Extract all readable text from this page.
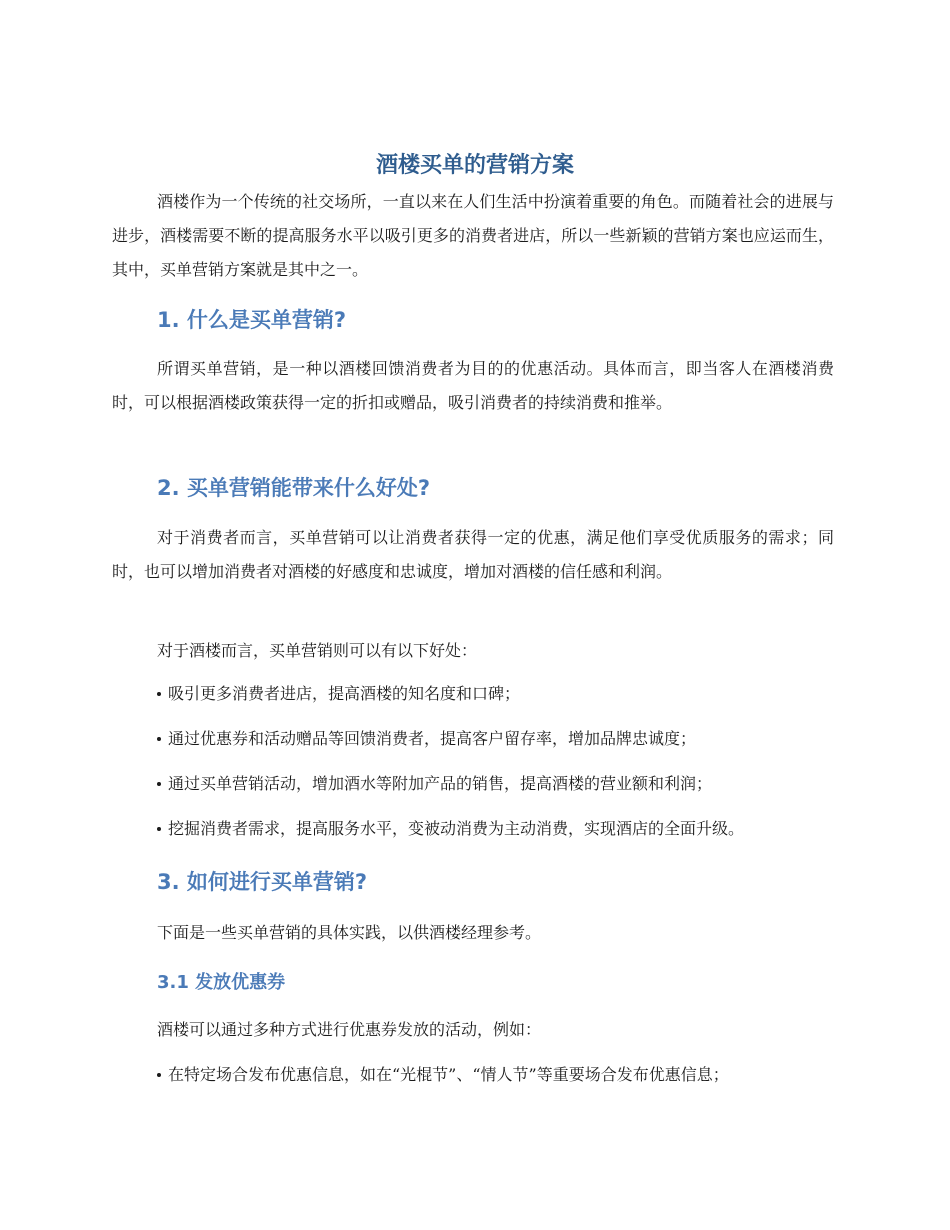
酒楼买单的营销方案

酒楼作为一个传统的社交场所，一直以来在人们生活中扮演着重要的角色。而随着社会的进展与进步，酒楼需要不断的提高服务水平以吸引更多的消费者进店，所以一些新颖的营销方案也应运而生，其中，买单营销方案就是其中之一。

1. 什么是买单营销?

所谓买单营销，是一种以酒楼回馈消费者为目的的优惠活动。具体而言，即当客人在酒楼消费时，可以根据酒楼政策获得一定的折扣或赠品，吸引消费者的持续消费和推举。

2. 买单营销能带来什么好处?

对于消费者而言，买单营销可以让消费者获得一定的优惠，满足他们享受优质服务的需求；同时，也可以增加消费者对酒楼的好感度和忠诚度，增加对酒楼的信任感和利润。

对于酒楼而言，买单营销则可以有以下好处：

吸引更多消费者进店，提高酒楼的知名度和口碑；
通过优惠券和活动赠品等回馈消费者，提高客户留存率，增加品牌忠诚度；
通过买单营销活动，增加酒水等附加产品的销售，提高酒楼的营业额和利润；
挖掘消费者需求，提高服务水平，变被动消费为主动消费，实现酒店的全面升级。
3. 如何进行买单营销?

下面是一些买单营销的具体实践，以供酒楼经理参考。

3.1 发放优惠券

酒楼可以通过多种方式进行优惠券发放的活动，例如：

在特定场合发布优惠信息，如在“光棍节”、“情人节”等重要场合发布优惠信息；
